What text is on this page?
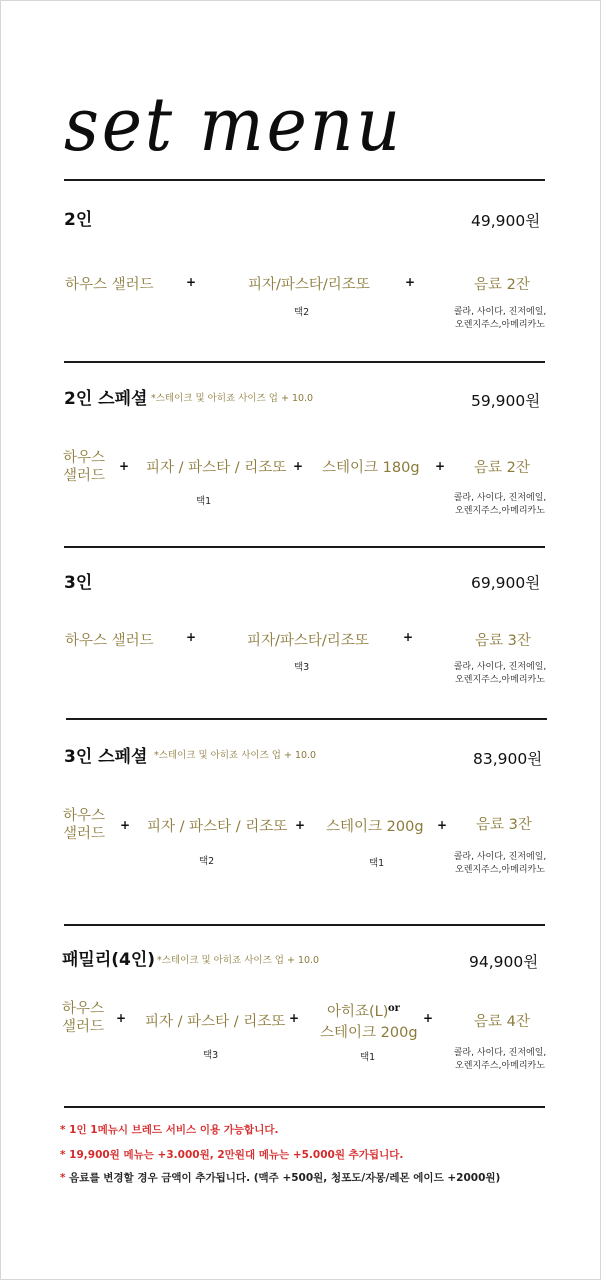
set menu
2인	49,900원
하우스 샐러드	+	피자/파스타/리조또	+	음료 2잔
택2	콜라, 사이다, 진저에일,
오렌지주스,아메리카노
2인 스페셜 *스테이크 및 아히죠 사이즈 업 + 10.0	59,900원
하우스 샐러드
+ 피자 / 파스타 / 리조또 + 스테이크 180g + 음료 2잔
택1	콜라, 사이다, 진저에일,
오렌지주스,아메리카노
3인	69,900원
하우스 샐러드	+	피자/파스타/리조또	+	음료 3잔
택3	콜라, 사이다, 진저에일,
오렌지주스,아메리카노
3인 스페셜 *스테이크 및 아히죠 사이즈 업 + 10.0	83,900원
하우스 샐러드
+ 피자 / 파스타 / 리조또 + 스테이크 200g + 음료 3잔
택2	택1
콜라, 사이다, 진저에일,
오렌지주스,아메리카노
패밀리(4인) *스테이크 및 아히죠 사이즈 업 + 10.0	94,900원
하우스 샐러드
+ 피자 / 파스타 / 리조또 + 아히죠(L) or
스테이크 200g
+	음료 4잔
택3	택1	콜라, 사이다, 진저에일,
오렌지주스,아메리카노
* 1인 1메뉴시 브레드 서비스 이용 가능합니다.
* 19,900원 메뉴는 +3.000원, 2만원대 메뉴는 +5.000원 추가됩니다.
* 음료를 변경할 경우 금액이 추가됩니다. (맥주 +500원, 청포도/자몽/레몬 에이드 +2000원)
